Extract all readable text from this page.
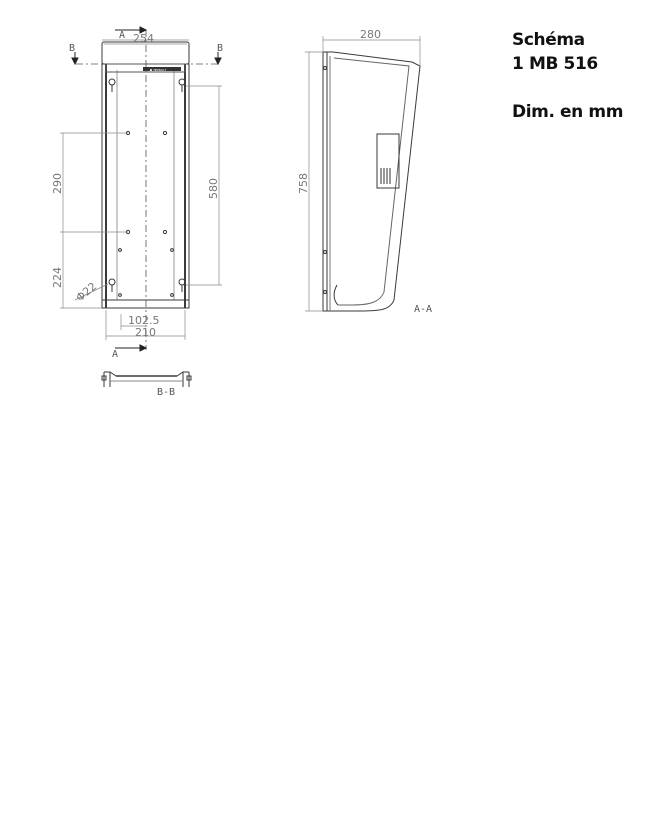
Schéma
1 MB 516
Dim. en mm
■ MEHBOLT
B	B
A
A
254
210
102.5
290
224
580
Φ22
280
758
A-A
B-B
